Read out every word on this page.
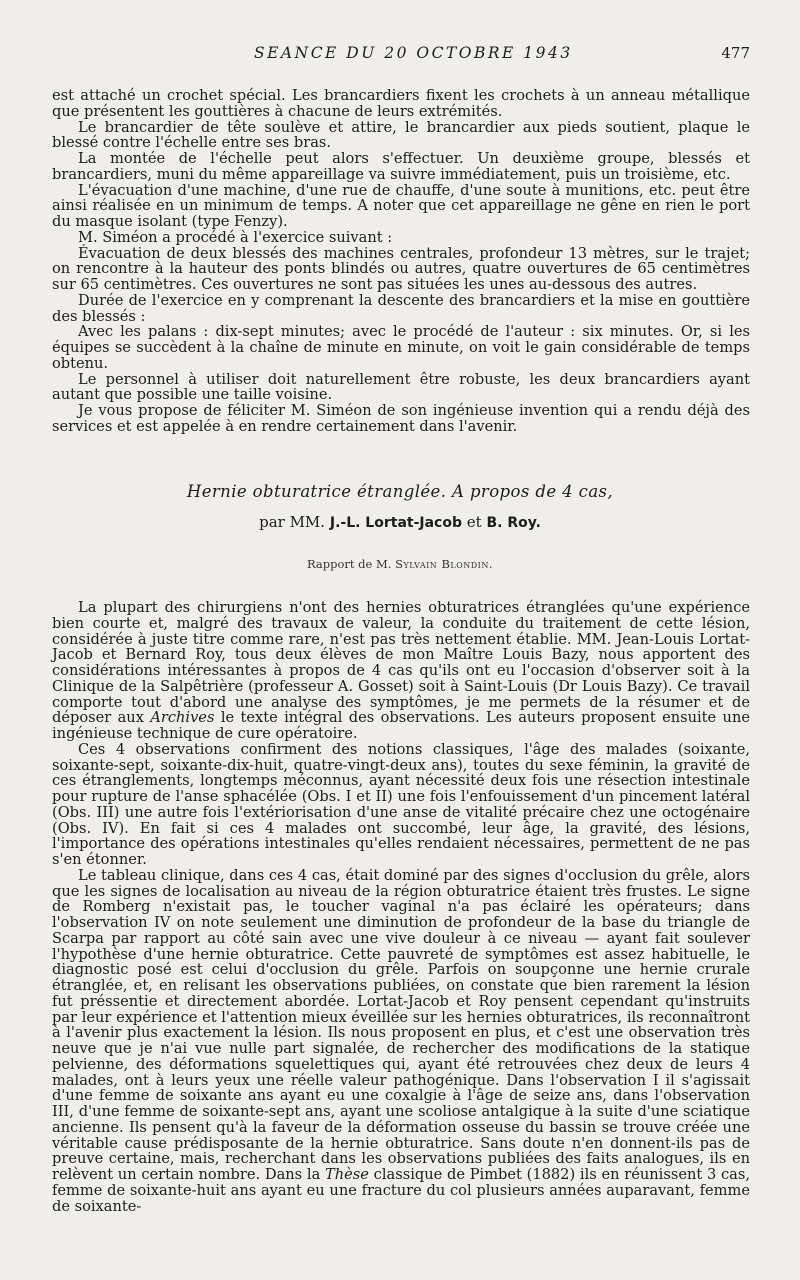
SEANCE DU 20 OCTOBRE 1943	477

est attaché un crochet spécial. Les brancardiers fixent les crochets à un anneau métallique que présentent les gouttières à chacune de leurs extrémités.

Le brancardier de tête soulève et attire, le brancardier aux pieds soutient, plaque le blessé contre l'échelle entre ses bras.

La montée de l'échelle peut alors s'effectuer. Un deuxième groupe, blessés et brancardiers, muni du même appareillage va suivre immédiatement, puis un troisième, etc.

L'évacuation d'une machine, d'une rue de chauffe, d'une soute à munitions, etc. peut être ainsi réalisée en un minimum de temps. A noter que cet appareillage ne gêne en rien le port du masque isolant (type Fenzy).

M. Siméon a procédé à l'exercice suivant :

Évacuation de deux blessés des machines centrales, profondeur 13 mètres, sur le trajet; on rencontre à la hauteur des ponts blindés ou autres, quatre ouvertures de 65 centimètres sur 65 centimètres. Ces ouvertures ne sont pas situées les unes au-dessous des autres.

Durée de l'exercice en y comprenant la descente des brancardiers et la mise en gouttière des blessés :

Avec les palans : dix-sept minutes; avec le procédé de l'auteur : six minutes. Or, si les équipes se succèdent à la chaîne de minute en minute, on voit le gain considérable de temps obtenu.

Le personnel à utiliser doit naturellement être robuste, les deux brancardiers ayant autant que possible une taille voisine.

Je vous propose de féliciter M. Siméon de son ingénieuse invention qui a rendu déjà des services et est appelée à en rendre certainement dans l'avenir.

Hernie obturatrice étranglée. A propos de 4 cas,
par MM. J.-L. Lortat-Jacob et B. Roy.
Rapport de M. Sylvain Blondin.

La plupart des chirurgiens n'ont des hernies obturatrices étranglées qu'une expérience bien courte et, malgré des travaux de valeur, la conduite du traitement de cette lésion, considérée à juste titre comme rare, n'est pas très nettement établie. MM. Jean-Louis Lortat-Jacob et Bernard Roy, tous deux élèves de mon Maître Louis Bazy, nous apportent des considérations intéressantes à propos de 4 cas qu'ils ont eu l'occasion d'observer soit à la Clinique de la Salpêtrière (professeur A. Gosset) soit à Saint-Louis (Dr Louis Bazy). Ce travail comporte tout d'abord une analyse des symptômes, je me permets de la résumer et de déposer aux Archives le texte intégral des observations. Les auteurs proposent ensuite une ingénieuse technique de cure opératoire.

Ces 4 observations confirment des notions classiques, l'âge des malades (soixante, soixante-sept, soixante-dix-huit, quatre-vingt-deux ans), toutes du sexe féminin, la gravité de ces étranglements, longtemps méconnus, ayant nécessité deux fois une résection intestinale pour rupture de l'anse sphacélée (Obs. I et II) une fois l'enfouissement d'un pincement latéral (Obs. III) une autre fois l'extériorisation d'une anse de vitalité précaire chez une octogénaire (Obs. IV). En fait si ces 4 malades ont succombé, leur âge, la gravité, des lésions, l'importance des opérations intestinales qu'elles rendaient nécessaires, permettent de ne pas s'en étonner.

Le tableau clinique, dans ces 4 cas, était dominé par des signes d'occlusion du grêle, alors que les signes de localisation au niveau de la région obturatrice étaient très frustes. Le signe de Romberg n'existait pas, le toucher vaginal n'a pas éclairé les opérateurs; dans l'observation IV on note seulement une diminution de profondeur de la base du triangle de Scarpa par rapport au côté sain avec une vive douleur à ce niveau — ayant fait soulever l'hypothèse d'une hernie obturatrice. Cette pauvreté de symptômes est assez habituelle, le diagnostic posé est celui d'occlusion du grêle. Parfois on soupçonne une hernie crurale étranglée, et, en relisant les observations publiées, on constate que bien rarement la lésion fut préssentie et directement abordée. Lortat-Jacob et Roy pensent cependant qu'instruits par leur expérience et l'attention mieux éveillée sur les hernies obturatrices, ils reconnaîtront à l'avenir plus exactement la lésion. Ils nous proposent en plus, et c'est une observation très neuve que je n'ai vue nulle part signalée, de rechercher des modifications de la statique pelvienne, des déformations squelettiques qui, ayant été retrouvées chez deux de leurs 4 malades, ont à leurs yeux une réelle valeur pathogénique. Dans l'observation I il s'agissait d'une femme de soixante ans ayant eu une coxalgie à l'âge de seize ans, dans l'observation III, d'une femme de soixante-sept ans, ayant une scoliose antalgique à la suite d'une sciatique ancienne. Ils pensent qu'à la faveur de la déformation osseuse du bassin se trouve créée une véritable cause prédisposante de la hernie obturatrice. Sans doute n'en donnent-ils pas de preuve certaine, mais, recherchant dans les observations publiées des faits analogues, ils en relèvent un certain nombre. Dans la Thèse classique de Pimbet (1882) ils en réunissent 3 cas, femme de soixante-huit ans ayant eu une fracture du col plusieurs années auparavant, femme de soixante-
